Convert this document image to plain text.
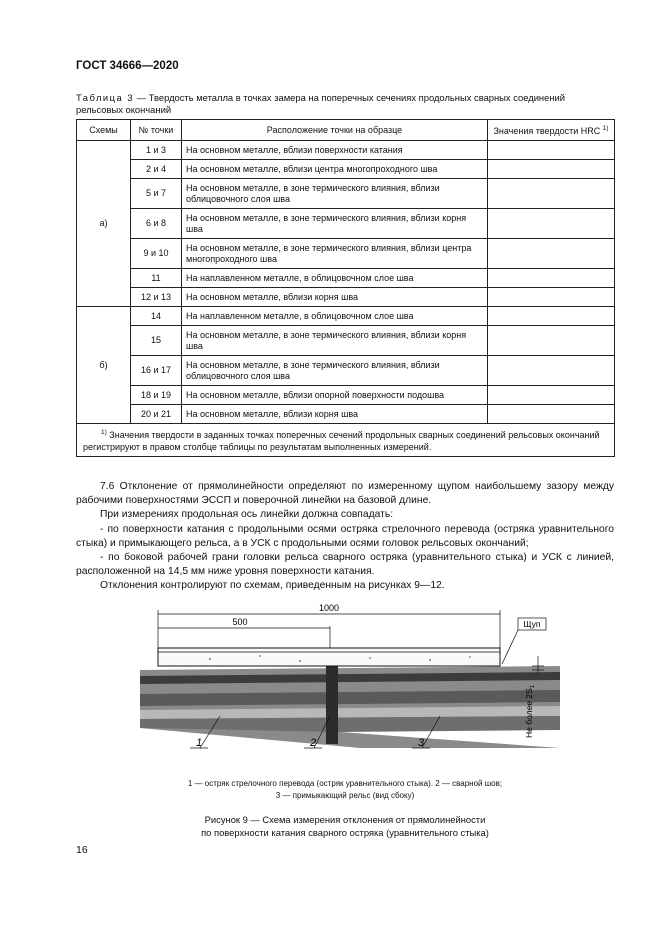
ГОСТ 34666—2020
Таблица 3 — Твердость металла в точках замера на поперечных сечениях продольных сварных соединений рельсовых окончаний
Схемы	№ точки	Расположение точки на образце	Значения твердости HRC $^{1)}$
а)	1 и 3	На основном металле, вблизи поверхности катания	
	2 и 4	На основном металле, вблизи центра многопроходного шва	
	5 и 7	На основном металле, в зоне термического влияния, вблизи облицовочного слоя шва	
	6 и 8	На основном металле, в зоне термического влияния, вблизи корня шва	
	9 и 10	На основном металле, в зоне термического влияния, вблизи центра многопроходного шва	
	11	На наплавленном металле, в облицовочном слое шва	
	12 и 13	На основном металле, вблизи корня шва	
б)	14	На наплавленном металле, в облицовочном слое шва	
	15	На основном металле, в зоне термического влияния, вблизи корня шва	
	16 и 17	На основном металле, в зоне термического влияния, вблизи облицовочного слоя шва	
	18 и 19	На основном металле, вблизи опорной поверхности подошва	
	20 и 21	На основном металле, вблизи корня шва	
$^{1)}$ Значения твердости в заданных точках поперечных сечений продольных сварных соединений рельсовых окончаний регистрируют в правом столбце таблицы по результатам выполненных измерений.			

7.6 Отклонение от прямолинейности определяют по измеренному щупом наибольшему зазору между рабочими поверхностями ЭССП и поверочной линейки на базовой длине.

При измерениях продольная ось линейки должна совпадать:

- по поверхности катания с продольными осями остряка стрелочного перевода (остряка уравнительного стыка) и примыкающего рельса, а в УСК с продольными осями головок рельсовых окончаний;

- по боковой рабочей грани головки рельса сварного остряка (уравнительного стыка) и УСК с линией, расположенной на 14,5 мм ниже уровня поверхности катания.

Отклонения контролируют по схемам, приведенным на рисунках 9—12.

1000
500	Щуп
Не более $2S_1$
1	2	3
1 — остряк стрелочного перевода (остряк уравнительного стыка). 2 — сварной шов;
3 — примыкающий рельс (вид сбоку)
Рисунок 9 — Схема измерения отклонения от прямолинейности
по поверхности катания сварного остряка (уравнительного стыка)
16
